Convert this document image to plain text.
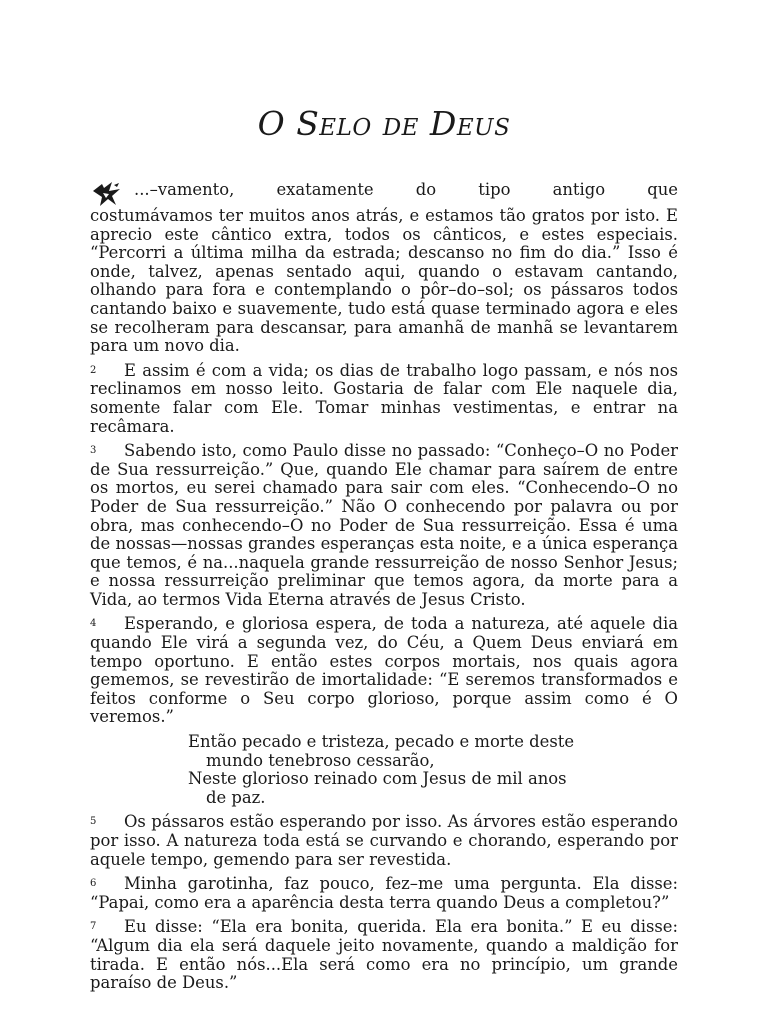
O Selo de Deus
...–vamento, exatamente do tipo antigo que
costumávamos ter muitos anos atrás, e estamos tão gratos por isto. E aprecio este cântico extra, todos os cânticos, e estes especiais. “Percorri a última milha da estrada; descanso no fim do dia.” Isso é onde, talvez, apenas sentado aqui, quando o estavam cantando, olhando para fora e contemplando o pôr–do–sol; os pássaros todos cantando baixo e suavemente, tudo está quase terminado agora e eles se recolheram para descansar, para amanhã de manhã se levantarem para um novo dia.

2 E assim é com a vida; os dias de trabalho logo passam, e nós nos reclinamos em nosso leito. Gostaria de falar com Ele naquele dia, somente falar com Ele. Tomar minhas vestimentas, e entrar na recâmara.

3 Sabendo isto, como Paulo disse no passado: “Conheço–O no Poder de Sua ressurreição.” Que, quando Ele chamar para saírem de entre os mortos, eu serei chamado para sair com eles. “Conhecendo–O no Poder de Sua ressurreição.” Não O conhecendo por palavra ou por obra, mas conhecendo–O no Poder de Sua ressurreição. Essa é uma de nossas—nossas grandes esperanças esta noite, e a única esperança que temos, é na...naquela grande ressurreição de nosso Senhor Jesus; e nossa ressurreição preliminar que temos agora, da morte para a Vida, ao termos Vida Eterna através de Jesus Cristo.

4 Esperando, e gloriosa espera, de toda a natureza, até aquele dia quando Ele virá a segunda vez, do Céu, a Quem Deus enviará em tempo oportuno. E então estes corpos mortais, nos quais agora gememos, se revestirão de imortalidade: “E seremos transformados e feitos conforme o Seu corpo glorioso, porque assim como é O veremos.”

Então pecado e tristeza, pecado e morte deste
mundo tenebroso cessarão,
Neste glorioso reinado com Jesus de mil anos
de paz.

5 Os pássaros estão esperando por isso. As árvores estão esperando por isso. A natureza toda está se curvando e chorando, esperando por aquele tempo, gemendo para ser revestida.

6 Minha garotinha, faz pouco, fez–me uma pergunta. Ela disse: “Papai, como era a aparência desta terra quando Deus a completou?”

7 Eu disse: “Ela era bonita, querida. Ela era bonita.” E eu disse: “Algum dia ela será daquele jeito novamente, quando a maldição for tirada. E então nós...Ela será como era no princípio, um grande paraíso de Deus.”
